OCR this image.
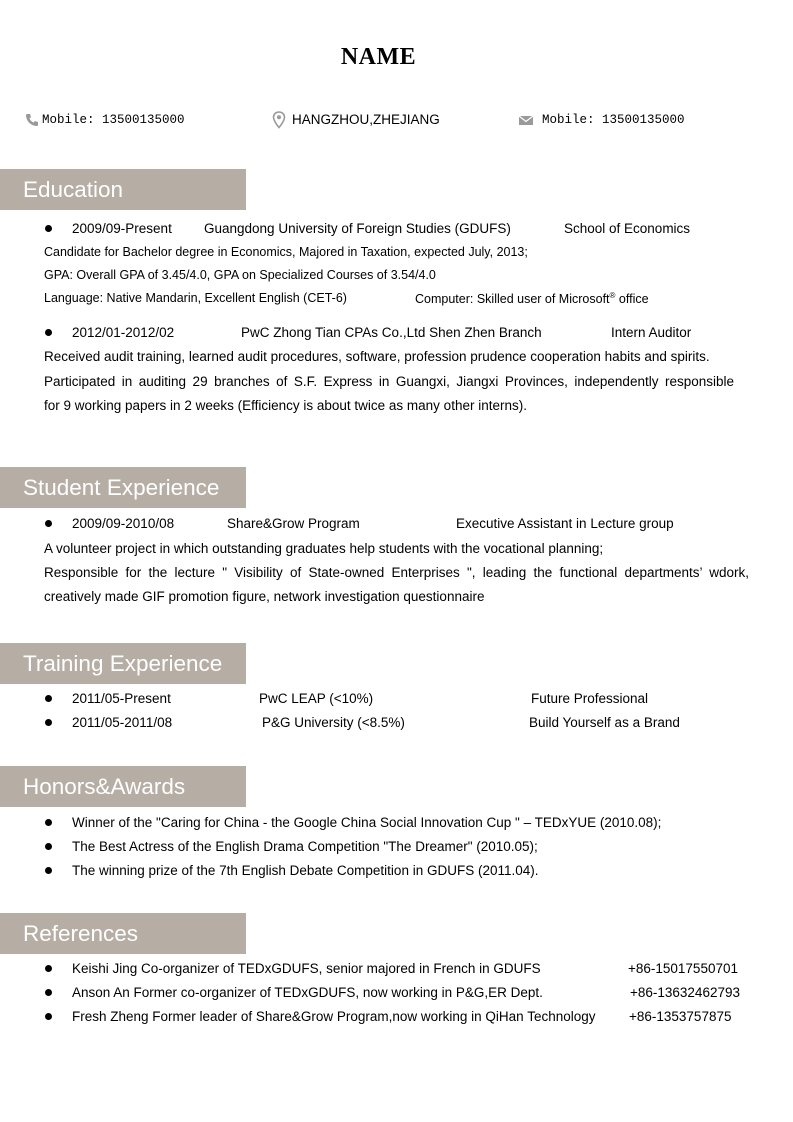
NAME
Mobile: 13500135000	HANGZHOU,ZHEJIANG	Mobile: 13500135000
Education
2009/09-Present Guangdong University of Foreign Studies (GDUFS)	School of Economics
Candidate for Bachelor degree in Economics, Majored in Taxation, expected July, 2013;
GPA: Overall GPA of 3.45/4.0, GPA on Specialized Courses of 3.54/4.0
Language: Native Mandarin, Excellent English (CET-6)	Computer: Skilled user of Microsoft® office
2012/01-2012/02	PwC Zhong Tian CPAs Co.,Ltd Shen Zhen Branch	Intern Auditor
Received audit training, learned audit procedures, software, profession prudence cooperation habits and spirits.
Participated in auditing 29 branches of S.F. Express in Guangxi, Jiangxi Provinces, independently responsible
for 9 working papers in 2 weeks (Efficiency is about twice as many other interns).
Student Experience
2009/09-2010/08	Share&Grow Program	Executive Assistant in Lecture group
A volunteer project in which outstanding graduates help students with the vocational planning;
Responsible for the lecture " Visibility of State-owned Enterprises ", leading the functional departments’ wdork,
creatively made GIF promotion figure, network investigation questionnaire
Training Experience
2011/05-Present	PwC LEAP (<10%)	Future Professional
2011/05-2011/08	P&G University (<8.5%)	Build Yourself as a Brand
Honors&Awards
Winner of the "Caring for China - the Google China Social Innovation Cup " – TEDxYUE (2010.08);
The Best Actress of the English Drama Competition "The Dreamer" (2010.05);
The winning prize of the 7th English Debate Competition in GDUFS (2011.04).
References
Keishi Jing Co-organizer of TEDxGDUFS, senior majored in French in GDUFS	+86-15017550701
Anson An Former co-organizer of TEDxGDUFS, now working in P&G,ER Dept.	+86-13632462793
Fresh Zheng Former leader of Share&Grow Program,now working in QiHan Technology +86-1353757875
